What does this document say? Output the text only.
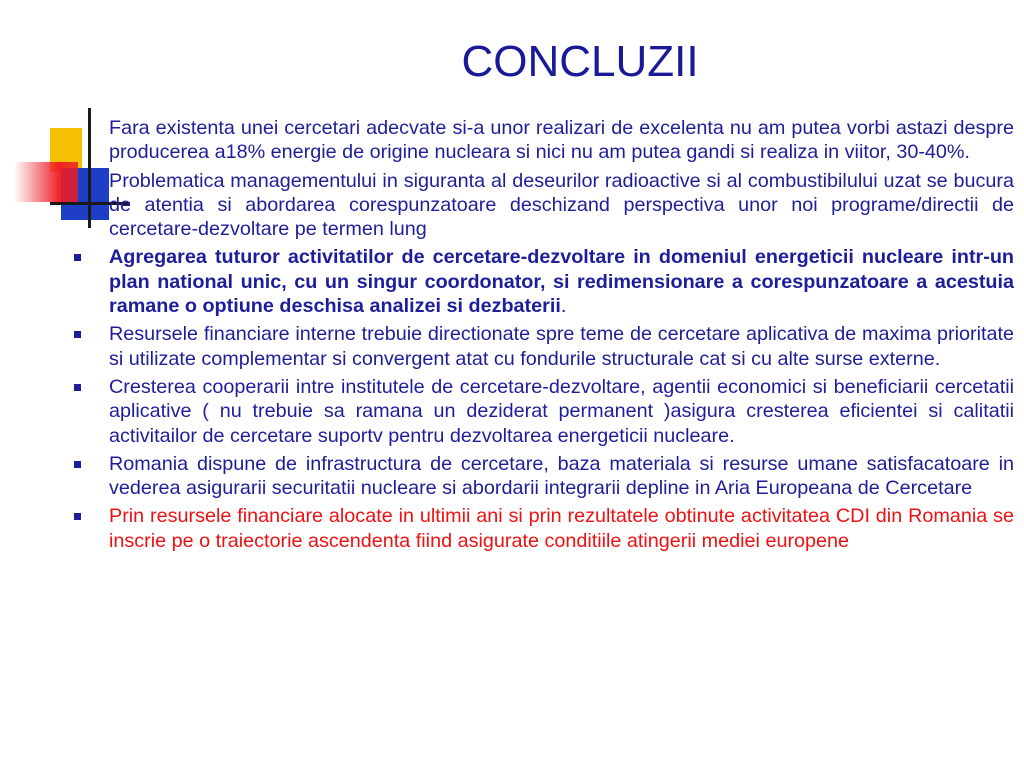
CONCLUZII
Fara existenta unei cercetari adecvate si-a unor realizari de excelenta nu am putea vorbi astazi despre producerea a18% energie de origine nucleara si nici nu am putea gandi si realiza in viitor, 30-40%.
Problematica managementului in siguranta al deseurilor radioactive si al combustibilului uzat se bucura de atentia si abordarea corespunzatoare deschizand perspectiva unor noi programe/directii de cercetare-dezvoltare pe termen lung
Agregarea tuturor activitatilor de cercetare-dezvoltare in domeniul energeticii nucleare intr-un plan national unic, cu un singur coordonator, si redimensionare a corespunzatoare a acestuia ramane o optiune deschisa analizei si dezbaterii.
Resursele financiare interne trebuie directionate spre teme de cercetare aplicativa de maxima prioritate si utilizate complementar si convergent atat cu fondurile structurale cat si cu alte surse externe.
Cresterea cooperarii intre institutele de cercetare-dezvoltare, agentii economici si beneficiarii cercetatii aplicative ( nu trebuie sa ramana un deziderat permanent )asigura cresterea eficientei si calitatii activitailor de cercetare suportv pentru dezvoltarea energeticii nucleare.
Romania dispune de infrastructura de cercetare, baza materiala si resurse umane satisfacatoare in vederea asigurarii securitatii nucleare si abordarii integrarii depline in Aria Europeana de Cercetare
Prin resursele financiare alocate in ultimii ani si prin rezultatele obtinute activitatea CDI din Romania se inscrie pe o traiectorie ascendenta fiind asigurate conditiile atingerii mediei europene
